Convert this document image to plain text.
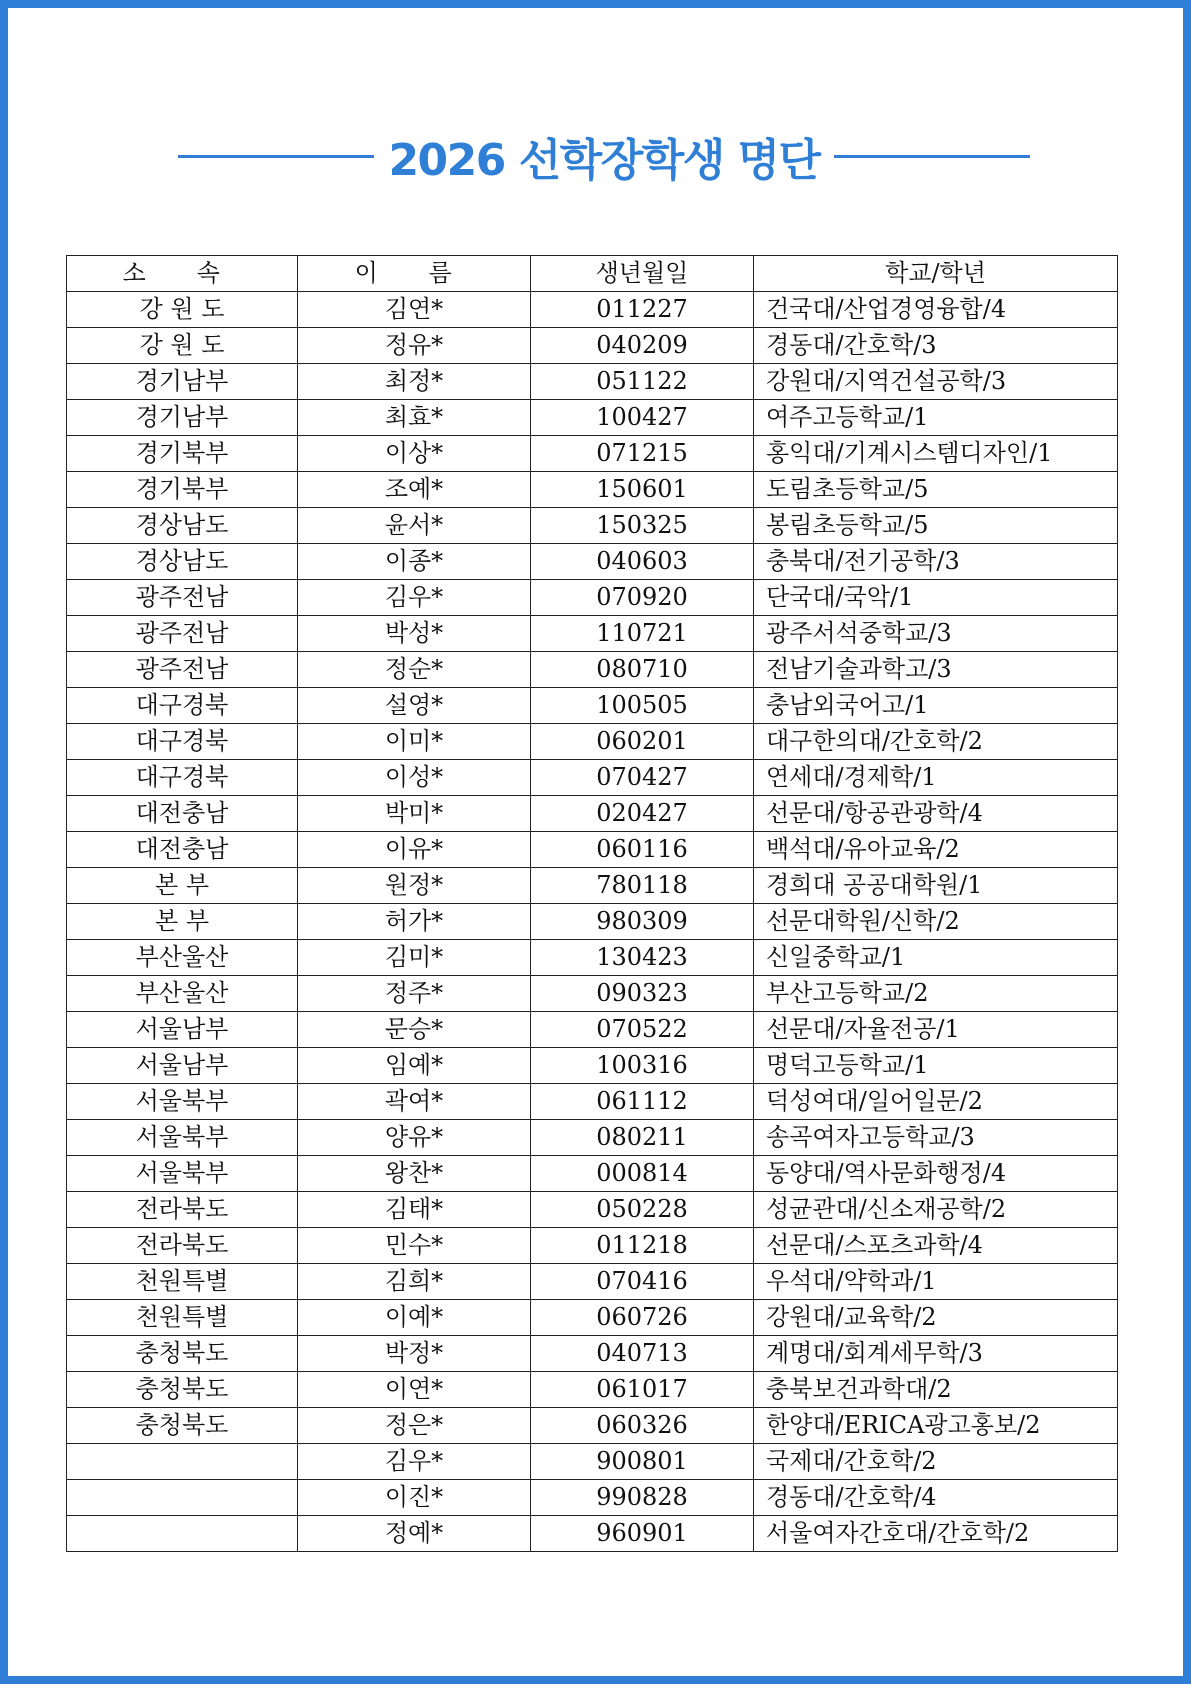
2026 선학장학생 명단
소 속	이 름	생년월일	학교/학년
강 원 도	김연*	011227	건국대/산업경영융합/4
강 원 도	정유*	040209	경동대/간호학/3
경기남부	최정*	051122	강원대/지역건설공학/3
경기남부	최효*	100427	여주고등학교/1
경기북부	이상*	071215	홍익대/기계시스템디자인/1
경기북부	조예*	150601	도림초등학교/5
경상남도	윤서*	150325	봉림초등학교/5
경상남도	이종*	040603	충북대/전기공학/3
광주전남	김우*	070920	단국대/국악/1
광주전남	박성*	110721	광주서석중학교/3
광주전남	정순*	080710	전남기술과학고/3
대구경북	설영*	100505	충남외국어고/1
대구경북	이미*	060201	대구한의대/간호학/2
대구경북	이성*	070427	연세대/경제학/1
대전충남	박미*	020427	선문대/항공관광학/4
대전충남	이유*	060116	백석대/유아교육/2
본 부	원정*	780118	경희대 공공대학원/1
본 부	허가*	980309	선문대학원/신학/2
부산울산	김미*	130423	신일중학교/1
부산울산	정주*	090323	부산고등학교/2
서울남부	문승*	070522	선문대/자율전공/1
서울남부	임예*	100316	명덕고등학교/1
서울북부	곽여*	061112	덕성여대/일어일문/2
서울북부	양유*	080211	송곡여자고등학교/3
서울북부	왕찬*	000814	동양대/역사문화행정/4
전라북도	김태*	050228	성균관대/신소재공학/2
전라북도	민수*	011218	선문대/스포츠과학/4
천원특별	김희*	070416	우석대/약학과/1
천원특별	이예*	060726	강원대/교육학/2
충청북도	박정*	040713	계명대/회계세무학/3
충청북도	이연*	061017	충북보건과학대/2
충청북도	정은*	060326	한양대/ERICA광고홍보/2
	김우*	900801	국제대/간호학/2
	이진*	990828	경동대/간호학/4
	정예*	960901	서울여자간호대/간호학/2
